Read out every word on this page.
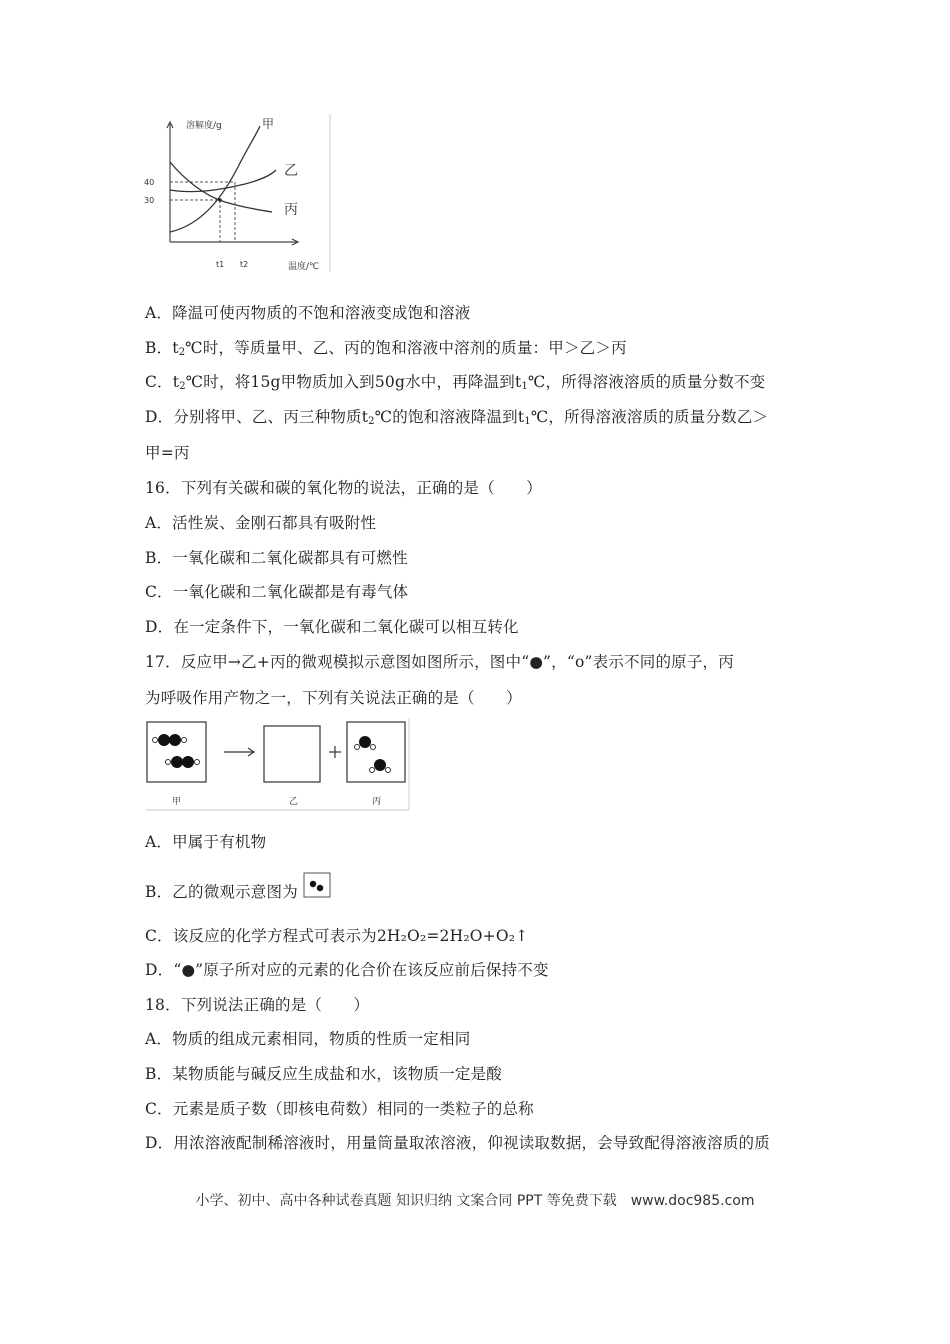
溶解度/g	甲
乙
丙
40
30
t1 t2	温度/℃
A．降温可使丙物质的不饱和溶液变成饱和溶液
B．$t_2℃$时，等质量甲、乙、丙的饱和溶液中溶剂的质量：甲＞乙＞丙
C．$t_2℃$时，将15g甲物质加入到50g水中，再降温到$t_1℃$，所得溶液溶质的质量分数不变
D．分别将甲、乙、丙三种物质$t_2℃$的饱和溶液降温到$t_1℃$，所得溶液溶质的质量分数乙＞
甲=丙
16．下列有关碳和碳的氧化物的说法，正确的是（　　）
A．活性炭、金刚石都具有吸附性
B．一氧化碳和二氧化碳都具有可燃性
C．一氧化碳和二氧化碳都是有毒气体
D．在一定条件下，一氧化碳和二氧化碳可以相互转化
17．反应甲→乙+丙的微观模拟示意图如图所示，图中“●”，“o”表示不同的原子，丙
为呼吸作用产物之一，下列有关说法正确的是（　　）
甲	乙	丙
A．甲属于有机物
B．乙的微观示意图为
C．该反应的化学方程式可表示为2H₂O₂=2H₂O+O₂↑
D．“●”原子所对应的元素的化合价在该反应前后保持不变
18．下列说法正确的是（　　）
A．物质的组成元素相同，物质的性质一定相同
B．某物质能与碱反应生成盐和水，该物质一定是酸
C．元素是质子数（即核电荷数）相同的一类粒子的总称
D．用浓溶液配制稀溶液时，用量筒量取浓溶液，仰视读取数据，会导致配得溶液溶质的质
小学、初中、高中各种试卷真题 知识归纳 文案合同 PPT 等免费下载　www.doc985.com
